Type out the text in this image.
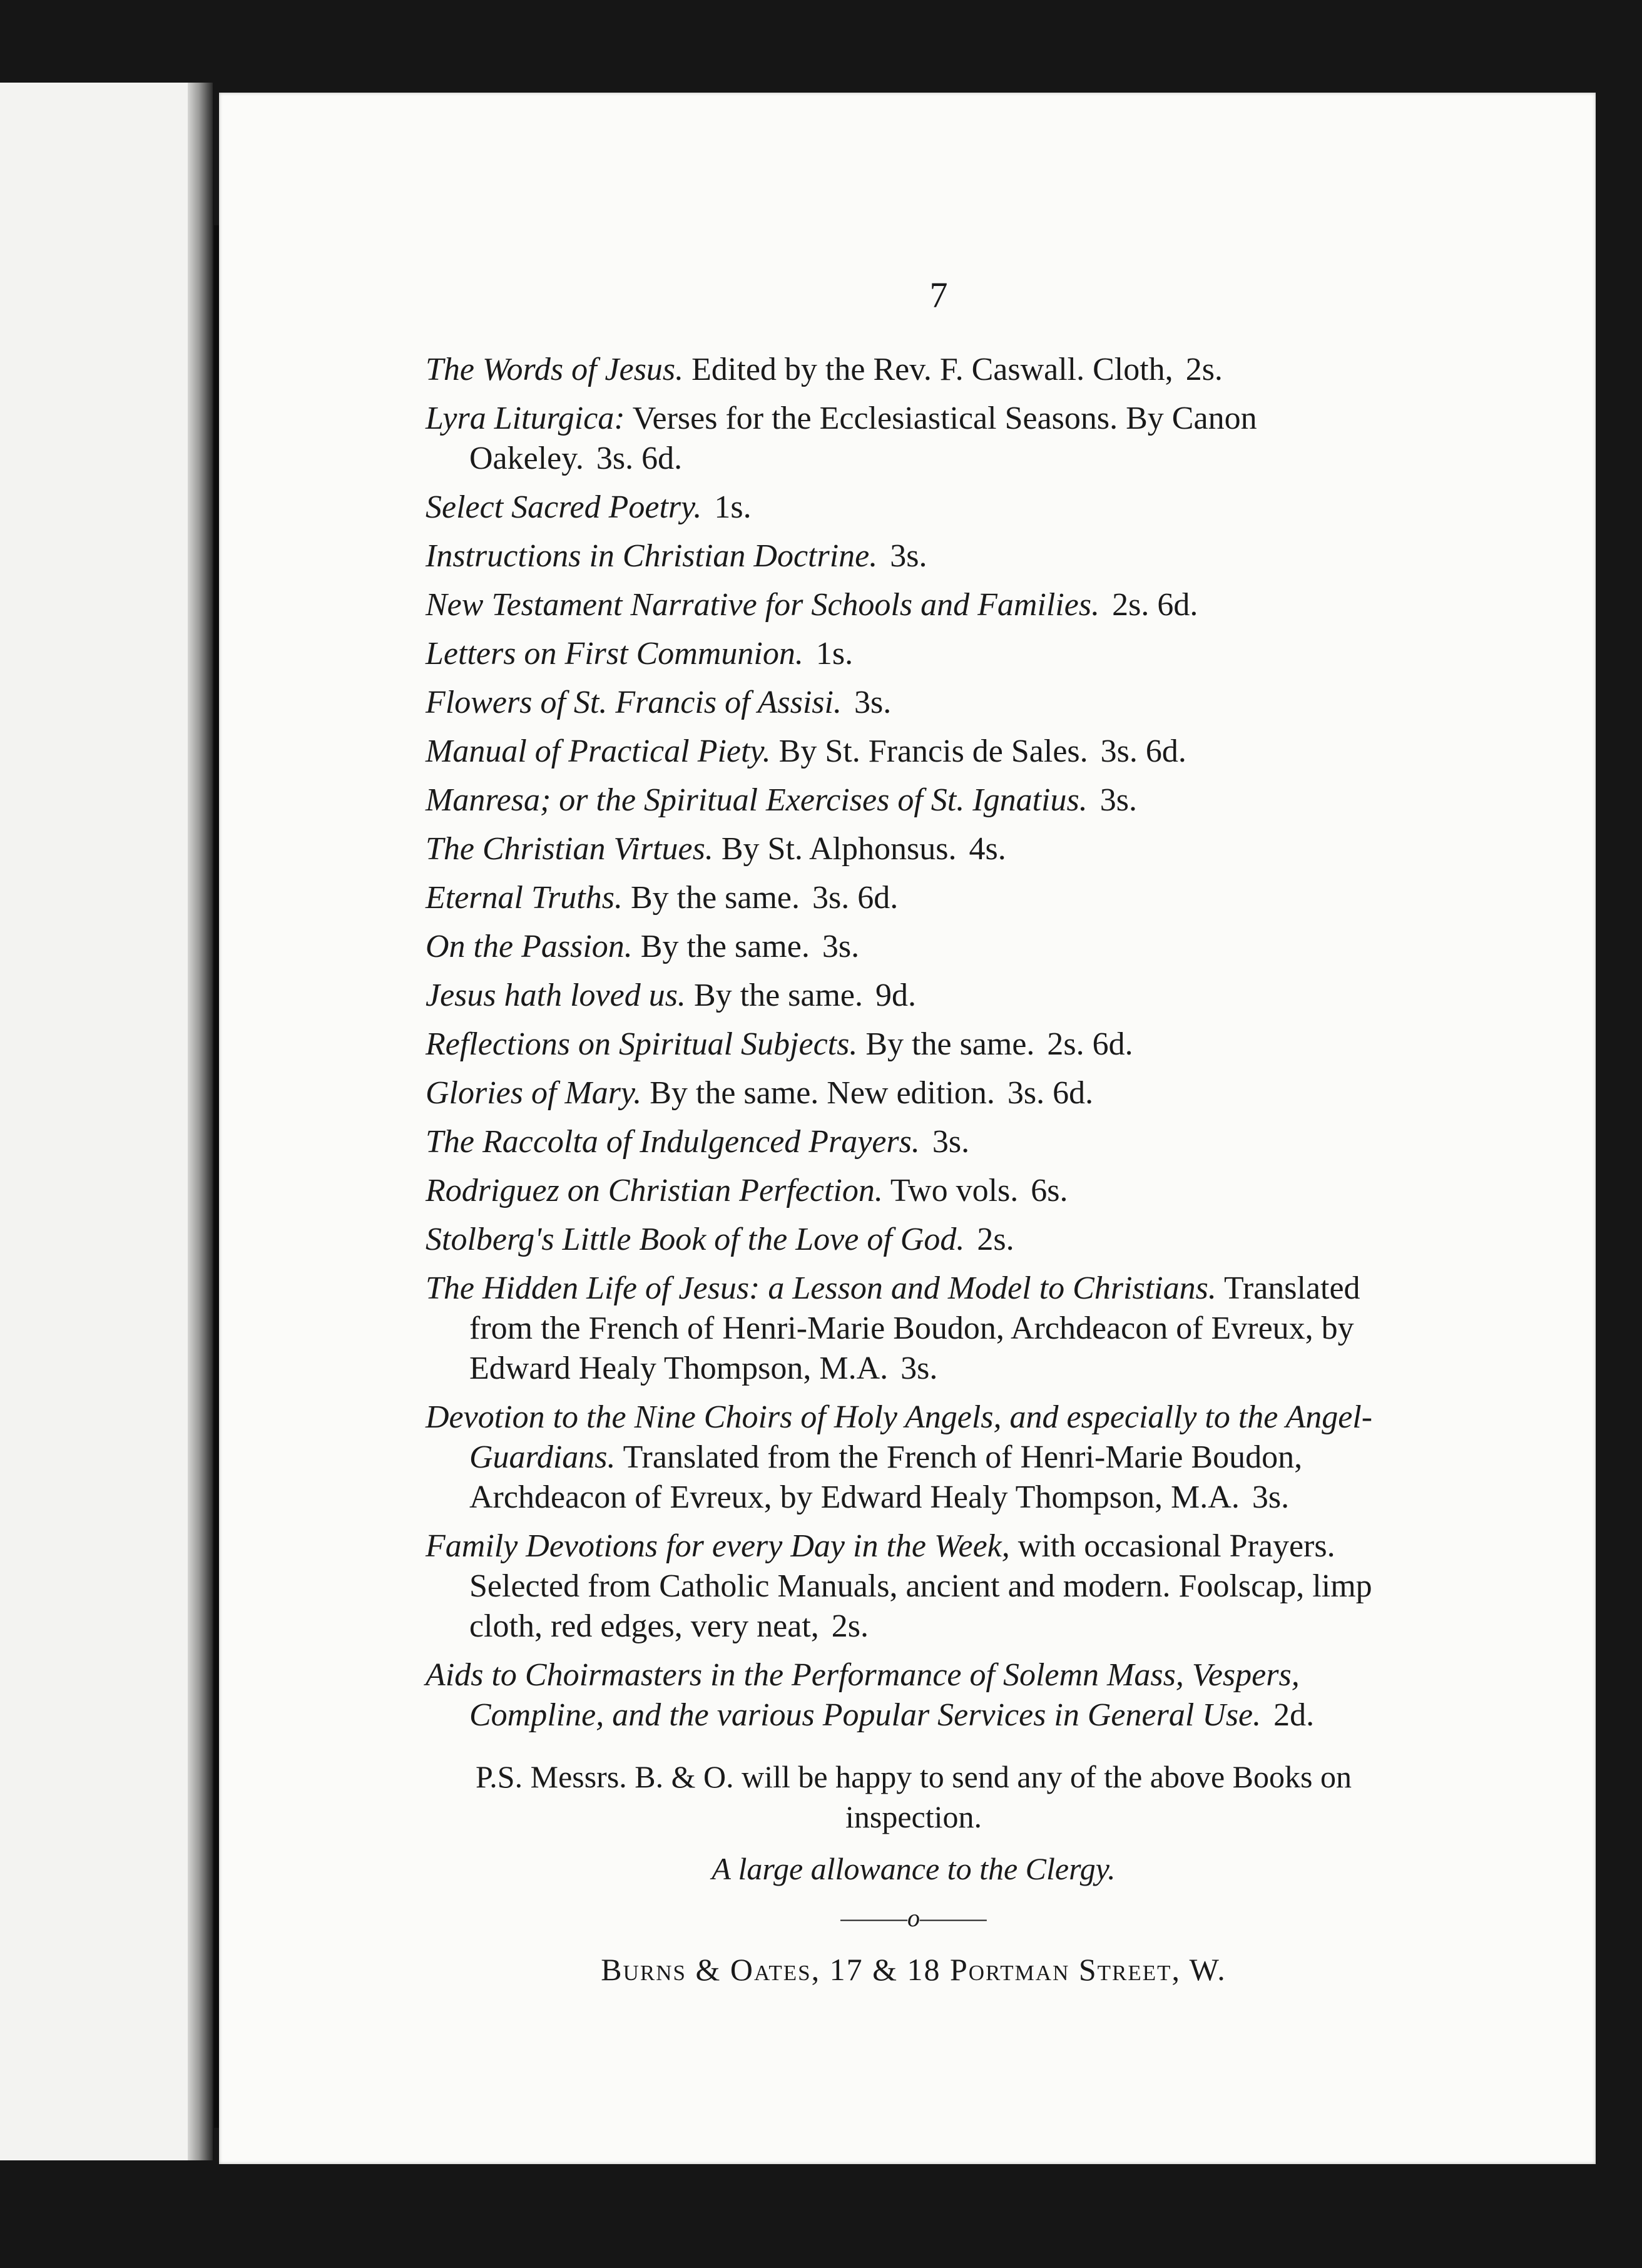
7

The Words of Jesus. Edited by the Rev. F. Caswall. Cloth, 2s.

Lyra Liturgica: Verses for the Ecclesiastical Seasons. By Canon Oakeley. 3s. 6d.

Select Sacred Poetry. 1s.

Instructions in Christian Doctrine. 3s.

New Testament Narrative for Schools and Families. 2s. 6d.

Letters on First Communion. 1s.

Flowers of St. Francis of Assisi. 3s.

Manual of Practical Piety. By St. Francis de Sales. 3s. 6d.

Manresa; or the Spiritual Exercises of St. Ignatius. 3s.

The Christian Virtues. By St. Alphonsus. 4s.

Eternal Truths. By the same. 3s. 6d.

On the Passion. By the same. 3s.

Jesus hath loved us. By the same. 9d.

Reflections on Spiritual Subjects. By the same. 2s. 6d.

Glories of Mary. By the same. New edition. 3s. 6d.

The Raccolta of Indulgenced Prayers. 3s.

Rodriguez on Christian Perfection. Two vols. 6s.

Stolberg's Little Book of the Love of God. 2s.

The Hidden Life of Jesus: a Lesson and Model to Christians. Translated from the French of Henri-Marie Boudon, Archdeacon of Evreux, by Edward Healy Thompson, M.A. 3s.

Devotion to the Nine Choirs of Holy Angels, and especially to the Angel-Guardians. Translated from the French of Henri-Marie Boudon, Archdeacon of Evreux, by Edward Healy Thompson, M.A. 3s.

Family Devotions for every Day in the Week, with occasional Prayers. Selected from Catholic Manuals, ancient and modern. Foolscap, limp cloth, red edges, very neat, 2s.

Aids to Choirmasters in the Performance of Solemn Mass, Vespers, Compline, and the various Popular Services in General Use. 2d.

P.S. Messrs. B. & O. will be happy to send any of the above Books on inspection.
A large allowance to the Clergy.
———o———
Burns & Oates, 17 & 18 Portman Street, W.
